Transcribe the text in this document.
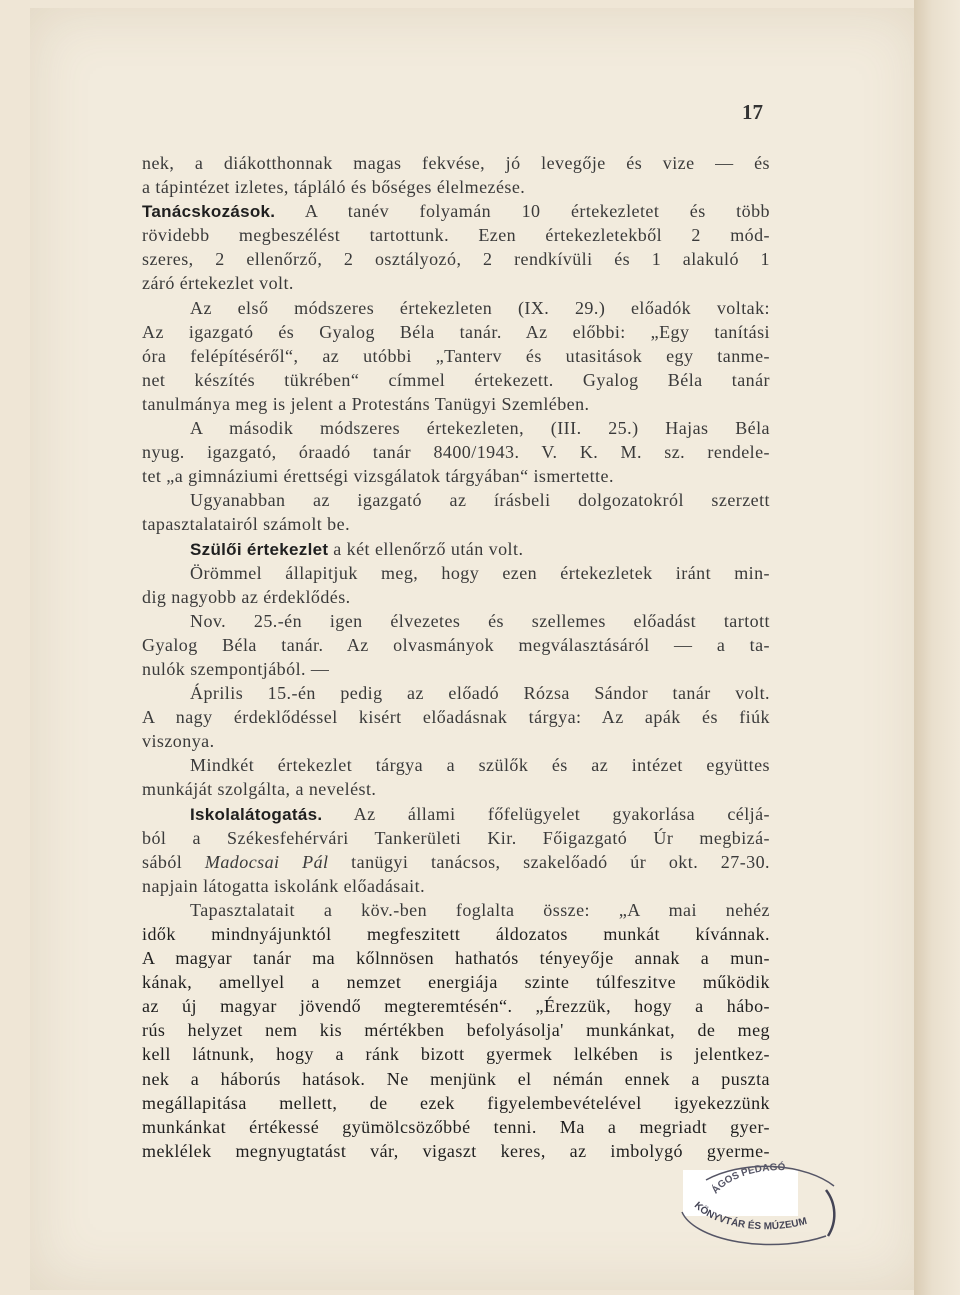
17
nek, a diákotthonnak magas fekvése, jó levegője és vize — és
a tápintézet izletes, tápláló és bőséges élelmezése.
Tanácskozások. A tanév folyamán 10 értekezletet és több
rövidebb megbeszélést tartottunk. Ezen értekezletekből 2 mód-
szeres, 2 ellenőrző, 2 osztályozó, 2 rendkívüli és 1 alakuló 1
záró értekezlet volt.
Az első módszeres értekezleten (IX. 29.) előadók voltak:
Az igazgató és Gyalog Béla tanár. Az előbbi: „Egy tanítási
óra felépítéséről“, az utóbbi „Tanterv és utasitások egy tanme-
net készítés tükrében“ címmel értekezett. Gyalog Béla tanár
tanulmánya meg is jelent a Protestáns Tanügyi Szemlében.
A második módszeres értekezleten, (III. 25.) Hajas Béla
nyug. igazgató, óraadó tanár 8400/1943. V. K. M. sz. rendele-
tet „a gimnáziumi érettségi vizsgálatok tárgyában“ ismertette.
Ugyanabban az igazgató az írásbeli dolgozatokról szerzett
tapasztalatairól számolt be.
Szülői értekezlet a két ellenőrző után volt.
Örömmel állapitjuk meg, hogy ezen értekezletek iránt min-
dig nagyobb az érdeklődés.
Nov. 25.-én igen élvezetes és szellemes előadást tartott
Gyalog Béla tanár. Az olvasmányok megválasztásáról — a ta-
nulók szempontjából. —
Április 15.-én pedig az előadó Rózsa Sándor tanár volt.
A nagy érdeklődéssel kisért előadásnak tárgya: Az apák és fiúk
viszonya.
Mindkét értekezlet tárgya a szülők és az intézet együttes
munkáját szolgálta, a nevelést.
Iskolalátogatás. Az állami főfelügyelet gyakorlása céljá-
ból a Székesfehérvári Tankerületi Kir. Főigazgató Úr megbizá-
sából Madocsai Pál tanügyi tanácsos, szakelőadó úr okt. 27-30.
napjain látogatta iskolánk előadásait.
Tapasztalatait a köv.-ben foglalta össze: „A mai nehéz
idők mindnyájunktól megfeszitett áldozatos munkát kívánnak.
A magyar tanár ma kőlnnösen hathatós tényeyője annak a mun-
kának, amellyel a nemzet energiája szinte túlfeszitve működik
az új magyar jövendő megteremtésén“. „Érezzük, hogy a hábo-
rús helyzet nem kis mértékben befolyásolja' munkánkat, de meg
kell látnunk, hogy a ránk bizott gyermek lelkében is jelentkez-
nek a háborús hatások. Ne menjünk el némán ennek a puszta
megállapitása mellett, de ezek figyelembevételével igyekezzünk
munkánkat értékessé gyümölcsözőbbé tenni. Ma a megriadt gyer-
meklélek megnyugtatást vár, vigaszt keres, az imbolygó gyerme-
ÁGOS PEDAGÓ
KÖNYVTÁR ÉS MÚZEUM
